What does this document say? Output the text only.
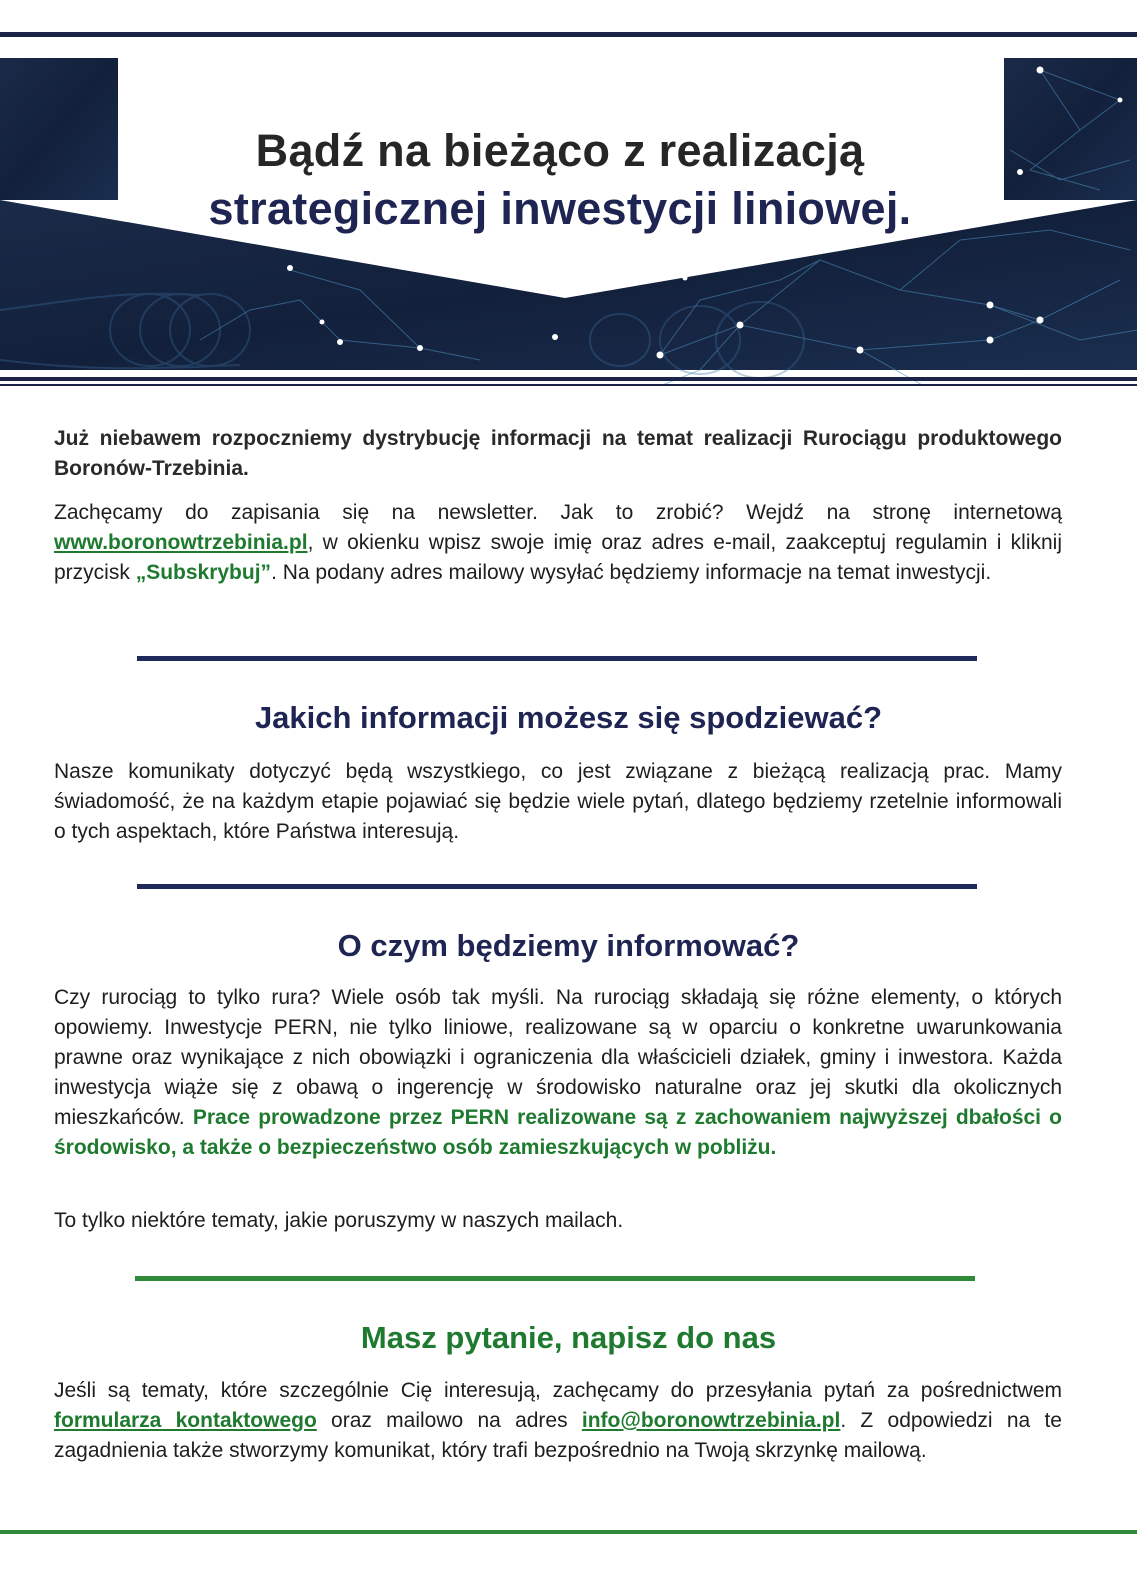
Bądź na bieżąco z realizacją
strategicznej inwestycji liniowej.

Już niebawem rozpoczniemy dystrybucję informacji na temat realizacji Rurociągu produktowego Boronów-Trzebinia.

Zachęcamy do zapisania się na newsletter. Jak to zrobić? Wejdź na stronę internetową www.boronowtrzebinia.pl, w okienku wpisz swoje imię oraz adres e-mail, zaakceptuj regulamin i kliknij przycisk „Subskrybuj”. Na podany adres mailowy wysyłać będziemy informacje na temat inwestycji.

Jakich informacji możesz się spodziewać?

Nasze komunikaty dotyczyć będą wszystkiego, co jest związane z bieżącą realizacją prac. Mamy świadomość, że na każdym etapie pojawiać się będzie wiele pytań, dlatego będziemy rzetelnie informowali o tych aspektach, które Państwa interesują.

O czym będziemy informować?

Czy rurociąg to tylko rura? Wiele osób tak myśli. Na rurociąg składają się różne elementy, o których opowiemy. Inwestycje PERN, nie tylko liniowe, realizowane są w oparciu o konkretne uwarunkowania prawne oraz wynikające z nich obowiązki i ograniczenia dla właścicieli działek, gminy i inwestora. Każda inwestycja wiąże się z obawą o ingerencję w środowisko naturalne oraz jej skutki dla okolicznych mieszkańców. Prace prowadzone przez PERN realizowane są z zachowaniem najwyższej dbałości o środowisko, a także o bezpieczeństwo osób zamieszkujących w pobliżu.

To tylko niektóre tematy, jakie poruszymy w naszych mailach.

Masz pytanie, napisz do nas

Jeśli są tematy, które szczególnie Cię interesują, zachęcamy do przesyłania pytań za pośrednictwem formularza kontaktowego oraz mailowo na adres info@boronowtrzebinia.pl. Z odpowiedzi na te zagadnienia także stworzymy komunikat, który trafi bezpośrednio na Twoją skrzynkę mailową.
